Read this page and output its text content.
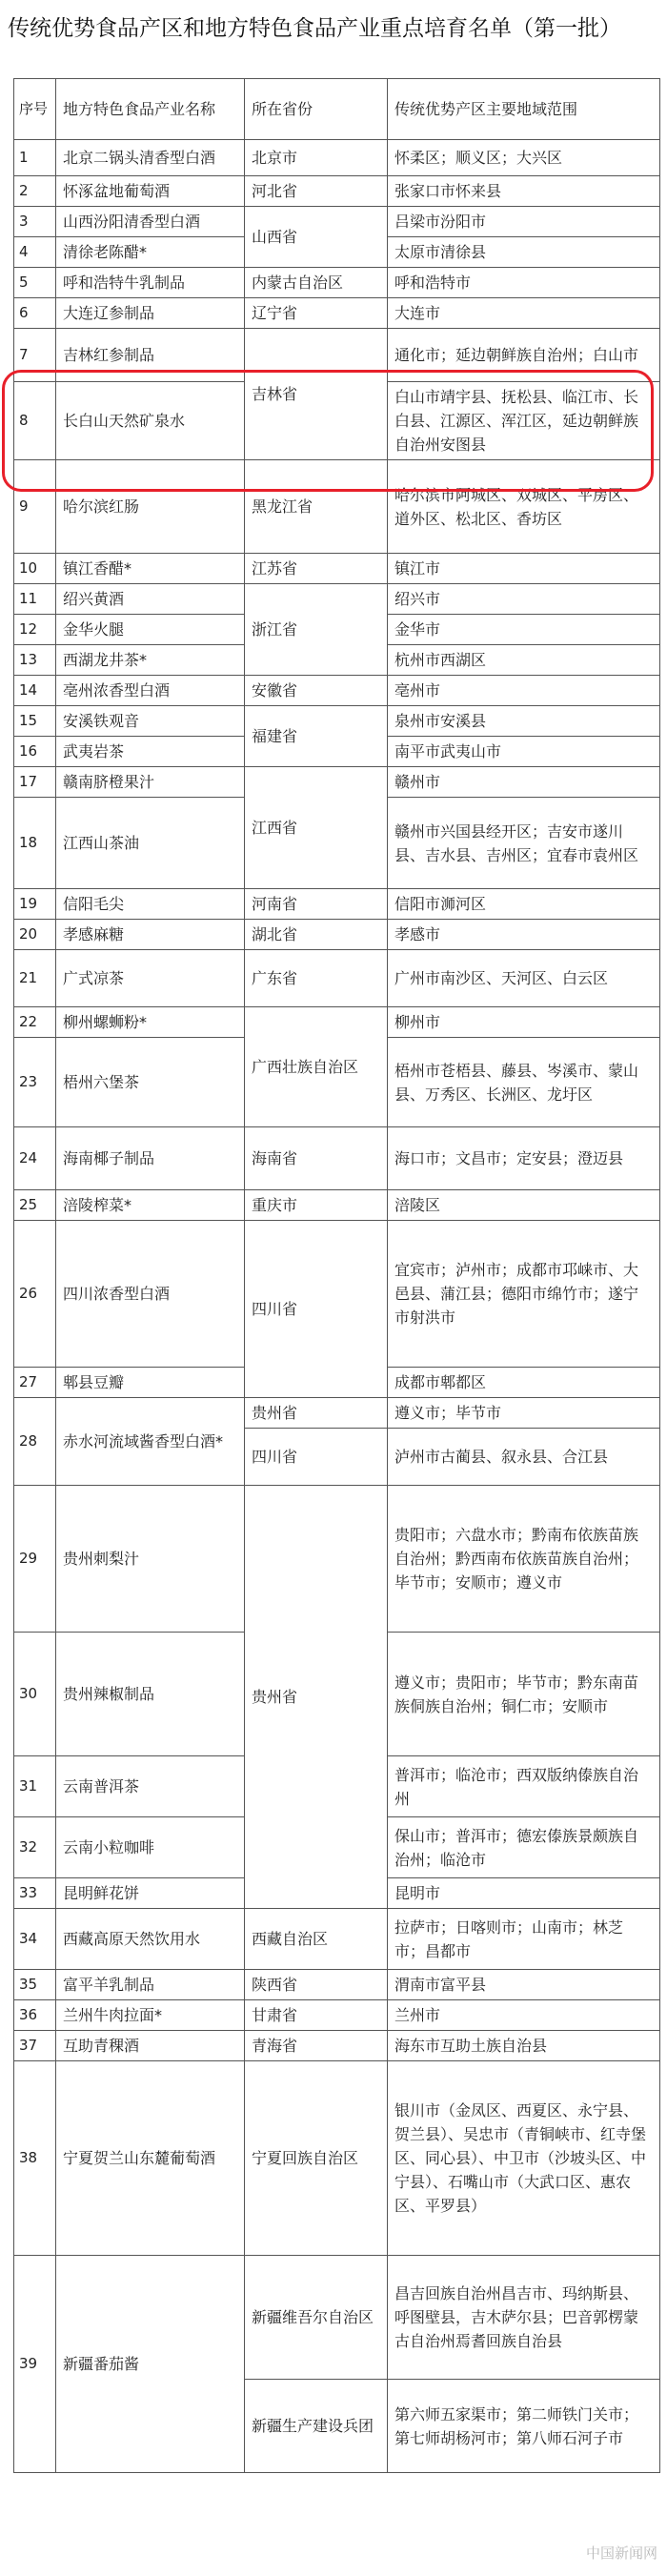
传统优势食品产区和地方特色食品产业重点培育名单（第一批）
序号	地方特色食品产业名称	所在省份	传统优势产区主要地域范围
1	北京二锅头清香型白酒	北京市	怀柔区；顺义区；大兴区
2	怀涿盆地葡萄酒	河北省	张家口市怀来县
3	山西汾阳清香型白酒	山西省	吕梁市汾阳市
4	清徐老陈醋*		太原市清徐县
5	呼和浩特牛乳制品	内蒙古自治区	呼和浩特市
6	大连辽参制品	辽宁省	大连市
7	吉林红参制品	吉林省	通化市；延边朝鲜族自治州；白山市
8	长白山天然矿泉水		白山市靖宇县、抚松县、临江市、长白县、江源区、浑江区，延边朝鲜族自治州安图县
9	哈尔滨红肠	黑龙江省	哈尔滨市阿城区、双城区、平房区、道外区、松北区、香坊区
10	镇江香醋*	江苏省	镇江市
11	绍兴黄酒	浙江省	绍兴市
12	金华火腿		金华市
13	西湖龙井茶*		杭州市西湖区
14	亳州浓香型白酒	安徽省	亳州市
15	安溪铁观音	福建省	泉州市安溪县
16	武夷岩茶		南平市武夷山市
17	赣南脐橙果汁	江西省	赣州市
18	江西山茶油		赣州市兴国县经开区；吉安市遂川县、吉水县、吉州区；宜春市袁州区
19	信阳毛尖	河南省	信阳市浉河区
20	孝感麻糖	湖北省	孝感市
21	广式凉茶	广东省	广州市南沙区、天河区、白云区
22	柳州螺蛳粉*	广西壮族自治区	柳州市
23	梧州六堡茶		梧州市苍梧县、藤县、岑溪市、蒙山县、万秀区、长洲区、龙圩区
24	海南椰子制品	海南省	海口市；文昌市；定安县；澄迈县
25	涪陵榨菜*	重庆市	涪陵区
26	四川浓香型白酒	四川省	宜宾市；泸州市；成都市邛崃市、大邑县、蒲江县；德阳市绵竹市；遂宁市射洪市
27	郫县豆瓣		成都市郫都区
28	赤水河流域酱香型白酒*	贵州省	遵义市；毕节市
		四川省	泸州市古蔺县、叙永县、合江县
29	贵州刺梨汁	贵州省	贵阳市；六盘水市；黔南布依族苗族自治州；黔西南布依族苗族自治州；毕节市；安顺市；遵义市
30	贵州辣椒制品		遵义市；贵阳市；毕节市；黔东南苗族侗族自治州；铜仁市；安顺市
31	云南普洱茶		普洱市；临沧市；西双版纳傣族自治州
32	云南小粒咖啡		保山市；普洱市；德宏傣族景颇族自治州；临沧市
33	昆明鲜花饼		昆明市
34	西藏高原天然饮用水	西藏自治区	拉萨市；日喀则市；山南市；林芝市；昌都市
35	富平羊乳制品	陕西省	渭南市富平县
36	兰州牛肉拉面*	甘肃省	兰州市
37	互助青稞酒	青海省	海东市互助土族自治县
38	宁夏贺兰山东麓葡萄酒	宁夏回族自治区	银川市（金凤区、西夏区、永宁县、贺兰县）、吴忠市（青铜峡市、红寺堡区、同心县）、中卫市（沙坡头区、中宁县）、石嘴山市（大武口区、惠农区、平罗县）
39	新疆番茄酱	新疆维吾尔自治区	昌吉回族自治州昌吉市、玛纳斯县、呼图壁县，吉木萨尔县；巴音郭楞蒙古自治州焉耆回族自治县
		新疆生产建设兵团	第六师五家渠市；第二师铁门关市；第七师胡杨河市；第八师石河子市
中国新闻网
